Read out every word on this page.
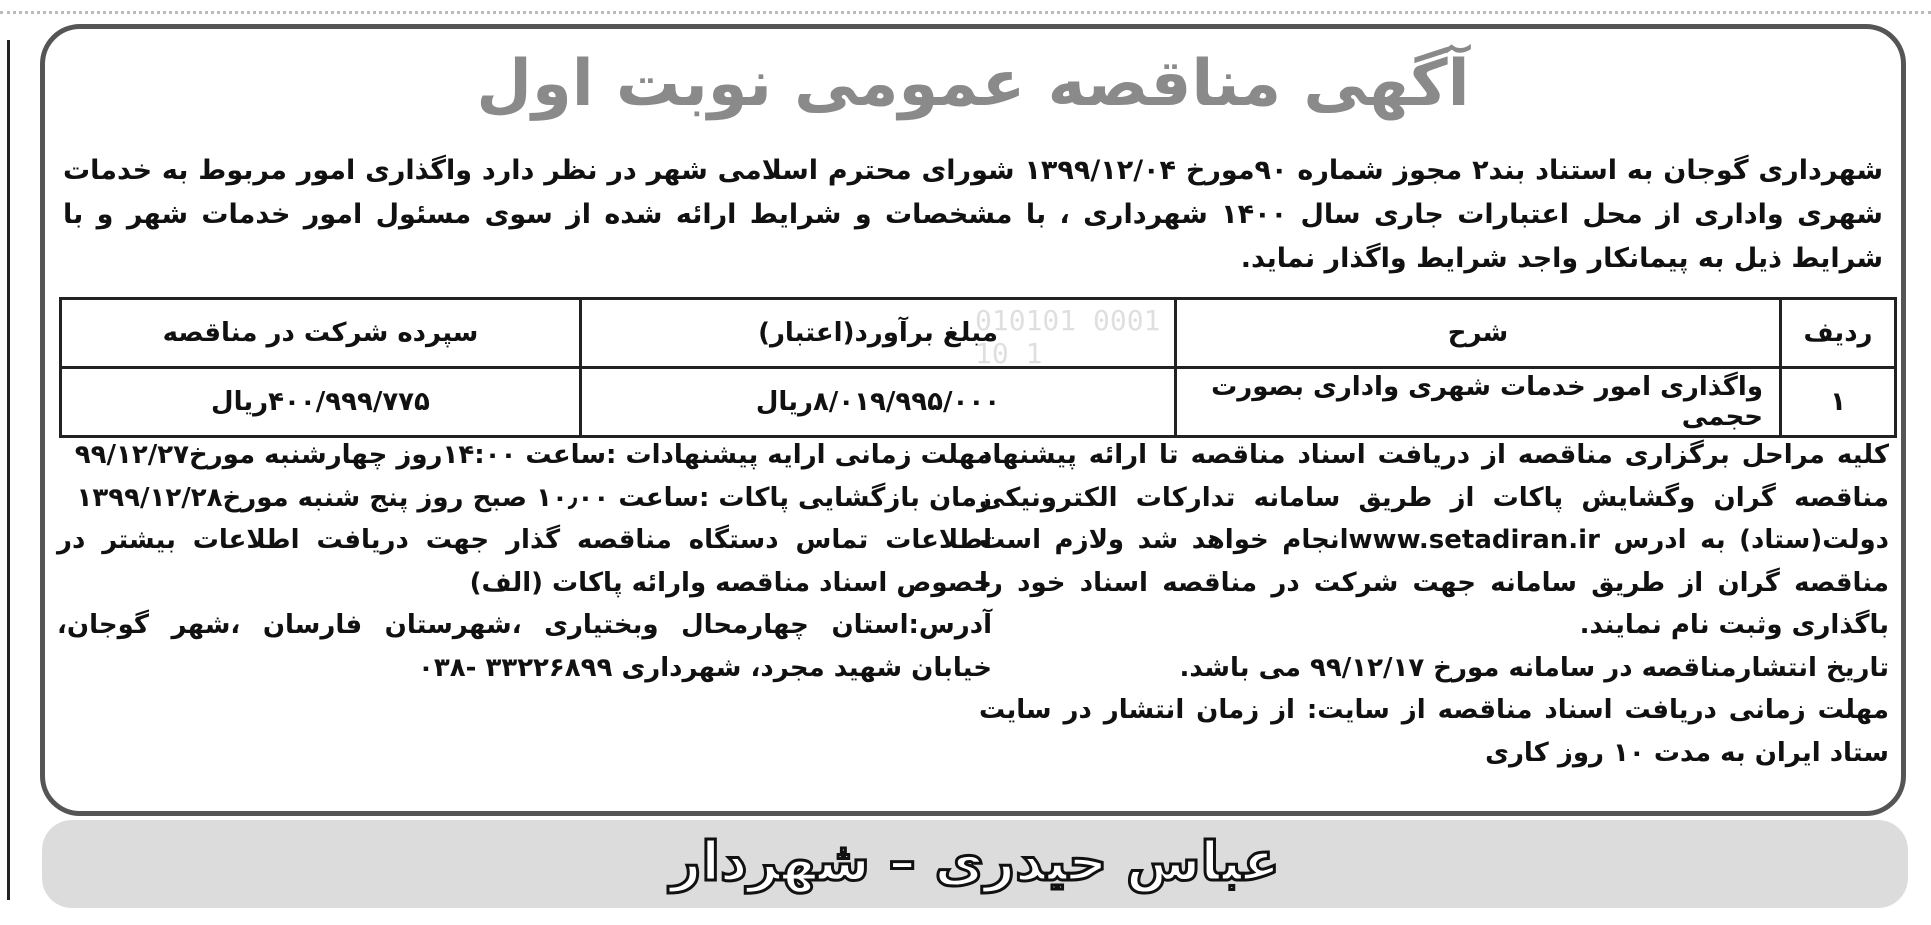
آگهی مناقصه عمومی نوبت اول
شهرداری گوجان به استناد بند۲ مجوز شماره ۹۰مورخ ۱۳۹۹/۱۲/۰۴ شورای محترم اسلامی شهر در نظر دارد واگذاری امور مربوط به خدمات شهری واداری از محل اعتبارات جاری سال ۱۴۰۰ شهرداری ، با مشخصات و شرایط ارائه شده از سوی مسئول امور خدمات شهر و با شرایط ذیل به پیمانکار واجد شرایط واگذار نماید.
ردیف	شرح	مبلغ برآورد(اعتبار)	سپرده شرکت در مناقصه
۱	واگذاری امور خدمات شهری واداری بصورت حجمی	۸/۰۱۹/۹۹۵/۰۰۰ریال	۴۰۰/۹۹۹/۷۷۵ریال
010101 0001 10 1

کلیه مراحل برگزاری مناقصه از دریافت اسناد مناقصه تا ارائه پیشنهاد مناقصه گران وگشایش پاکات از طریق سامانه تدارکات الکترونیکی دولت(ستاد) به ادرس www.setadiran.irانجام خواهد شد ولازم است مناقصه گران از طریق سامانه جهت شرکت در مناقصه اسناد خود را باگذاری وثبت نام نمایند.

تاریخ انتشارمناقصه در سامانه مورخ ۹۹/۱۲/۱۷ می باشد.

مهلت زمانی دریافت اسناد مناقصه از سایت: از زمان انتشار در سایت ستاد ایران به مدت ۱۰ روز کاری

مهلت زمانی ارایه پیشنهادات :ساعت ۱۴:۰۰روز چهارشنبه مورخ۹۹/۱۲/۲۷

زمان بازگشایی پاکات :ساعت ۱۰٫۰۰ صبح روز پنج شنبه مورخ۱۳۹۹/۱۲/۲۸

اطلاعات تماس دستگاه مناقصه گذار جهت دریافت اطلاعات بیشتر در خصوص اسناد مناقصه وارائه پاکات (الف)

آدرس:استان چهارمحال وبختیاری ،شهرستان فارسان ،شهر گوجان، خیابان شهید مجرد، شهرداری ۳۳۲۲۶۸۹۹ -۰۳۸

عباس حیدری – شهردار
